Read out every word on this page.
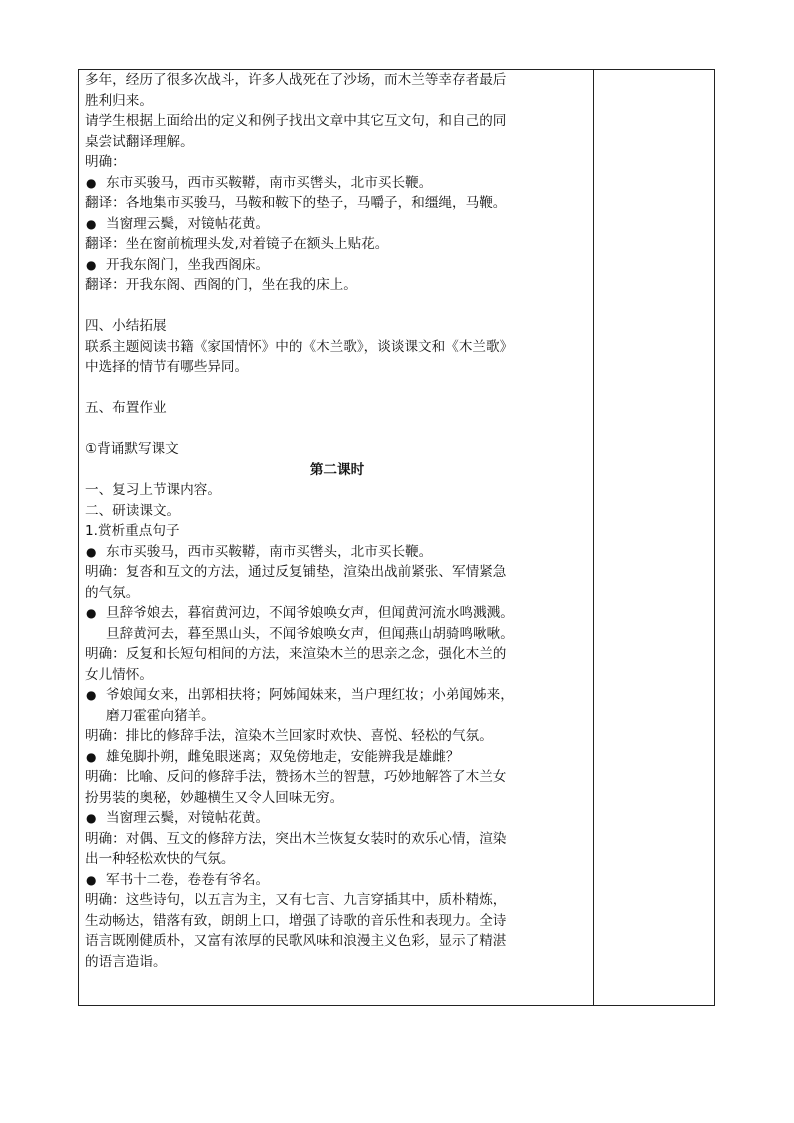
多年，经历了很多次战斗，许多人战死在了沙场，而木兰等幸存者最后

胜利归来。

请学生根据上面给出的定义和例子找出文章中其它互文句，和自己的同

桌尝试翻译理解。

明确：

● 东市买骏马，西市买鞍鞯，南市买辔头，北市买长鞭。

翻译：各地集市买骏马，马鞍和鞍下的垫子，马嚼子，和缰绳，马鞭。

● 当窗理云鬓，对镜帖花黄。

翻译：坐在窗前梳理头发,对着镜子在额头上贴花。

● 开我东阁门，坐我西阁床。

翻译：开我东阁、西阁的门，坐在我的床上。

四、小结拓展

联系主题阅读书籍《家国情怀》中的《木兰歌》，谈谈课文和《木兰歌》

中选择的情节有哪些异同。

五、布置作业

①背诵默写课文

第二课时

一、复习上节课内容。

二、研读课文。

1.赏析重点句子

● 东市买骏马，西市买鞍鞯，南市买辔头，北市买长鞭。

明确：复沓和互文的方法，通过反复铺垫，渲染出战前紧张、军情紧急

的气氛。

● 旦辞爷娘去，暮宿黄河边，不闻爷娘唤女声，但闻黄河流水鸣溅溅。

旦辞黄河去，暮至黑山头，不闻爷娘唤女声，但闻燕山胡骑鸣啾啾。

明确：反复和长短句相间的方法，来渲染木兰的思亲之念，强化木兰的

女儿情怀。

● 爷娘闻女来，出郭相扶将；阿姊闻妹来，当户理红妆；小弟闻姊来，

磨刀霍霍向猪羊。

明确：排比的修辞手法，渲染木兰回家时欢快、喜悦、轻松的气氛。

● 雄兔脚扑朔，雌兔眼迷离；双兔傍地走，安能辨我是雄雌？

明确：比喻、反问的修辞手法，赞扬木兰的智慧，巧妙地解答了木兰女

扮男装的奥秘，妙趣横生又令人回味无穷。

● 当窗理云鬓，对镜帖花黄。

明确：对偶、互文的修辞方法，突出木兰恢复女装时的欢乐心情，渲染

出一种轻松欢快的气氛。

● 军书十二卷，卷卷有爷名。

明确：这些诗句，以五言为主，又有七言、九言穿插其中，质朴精炼，

生动畅达，错落有致，朗朗上口，增强了诗歌的音乐性和表现力。全诗

语言既刚健质朴，又富有浓厚的民歌风味和浪漫主义色彩，显示了精湛

的语言造诣。
